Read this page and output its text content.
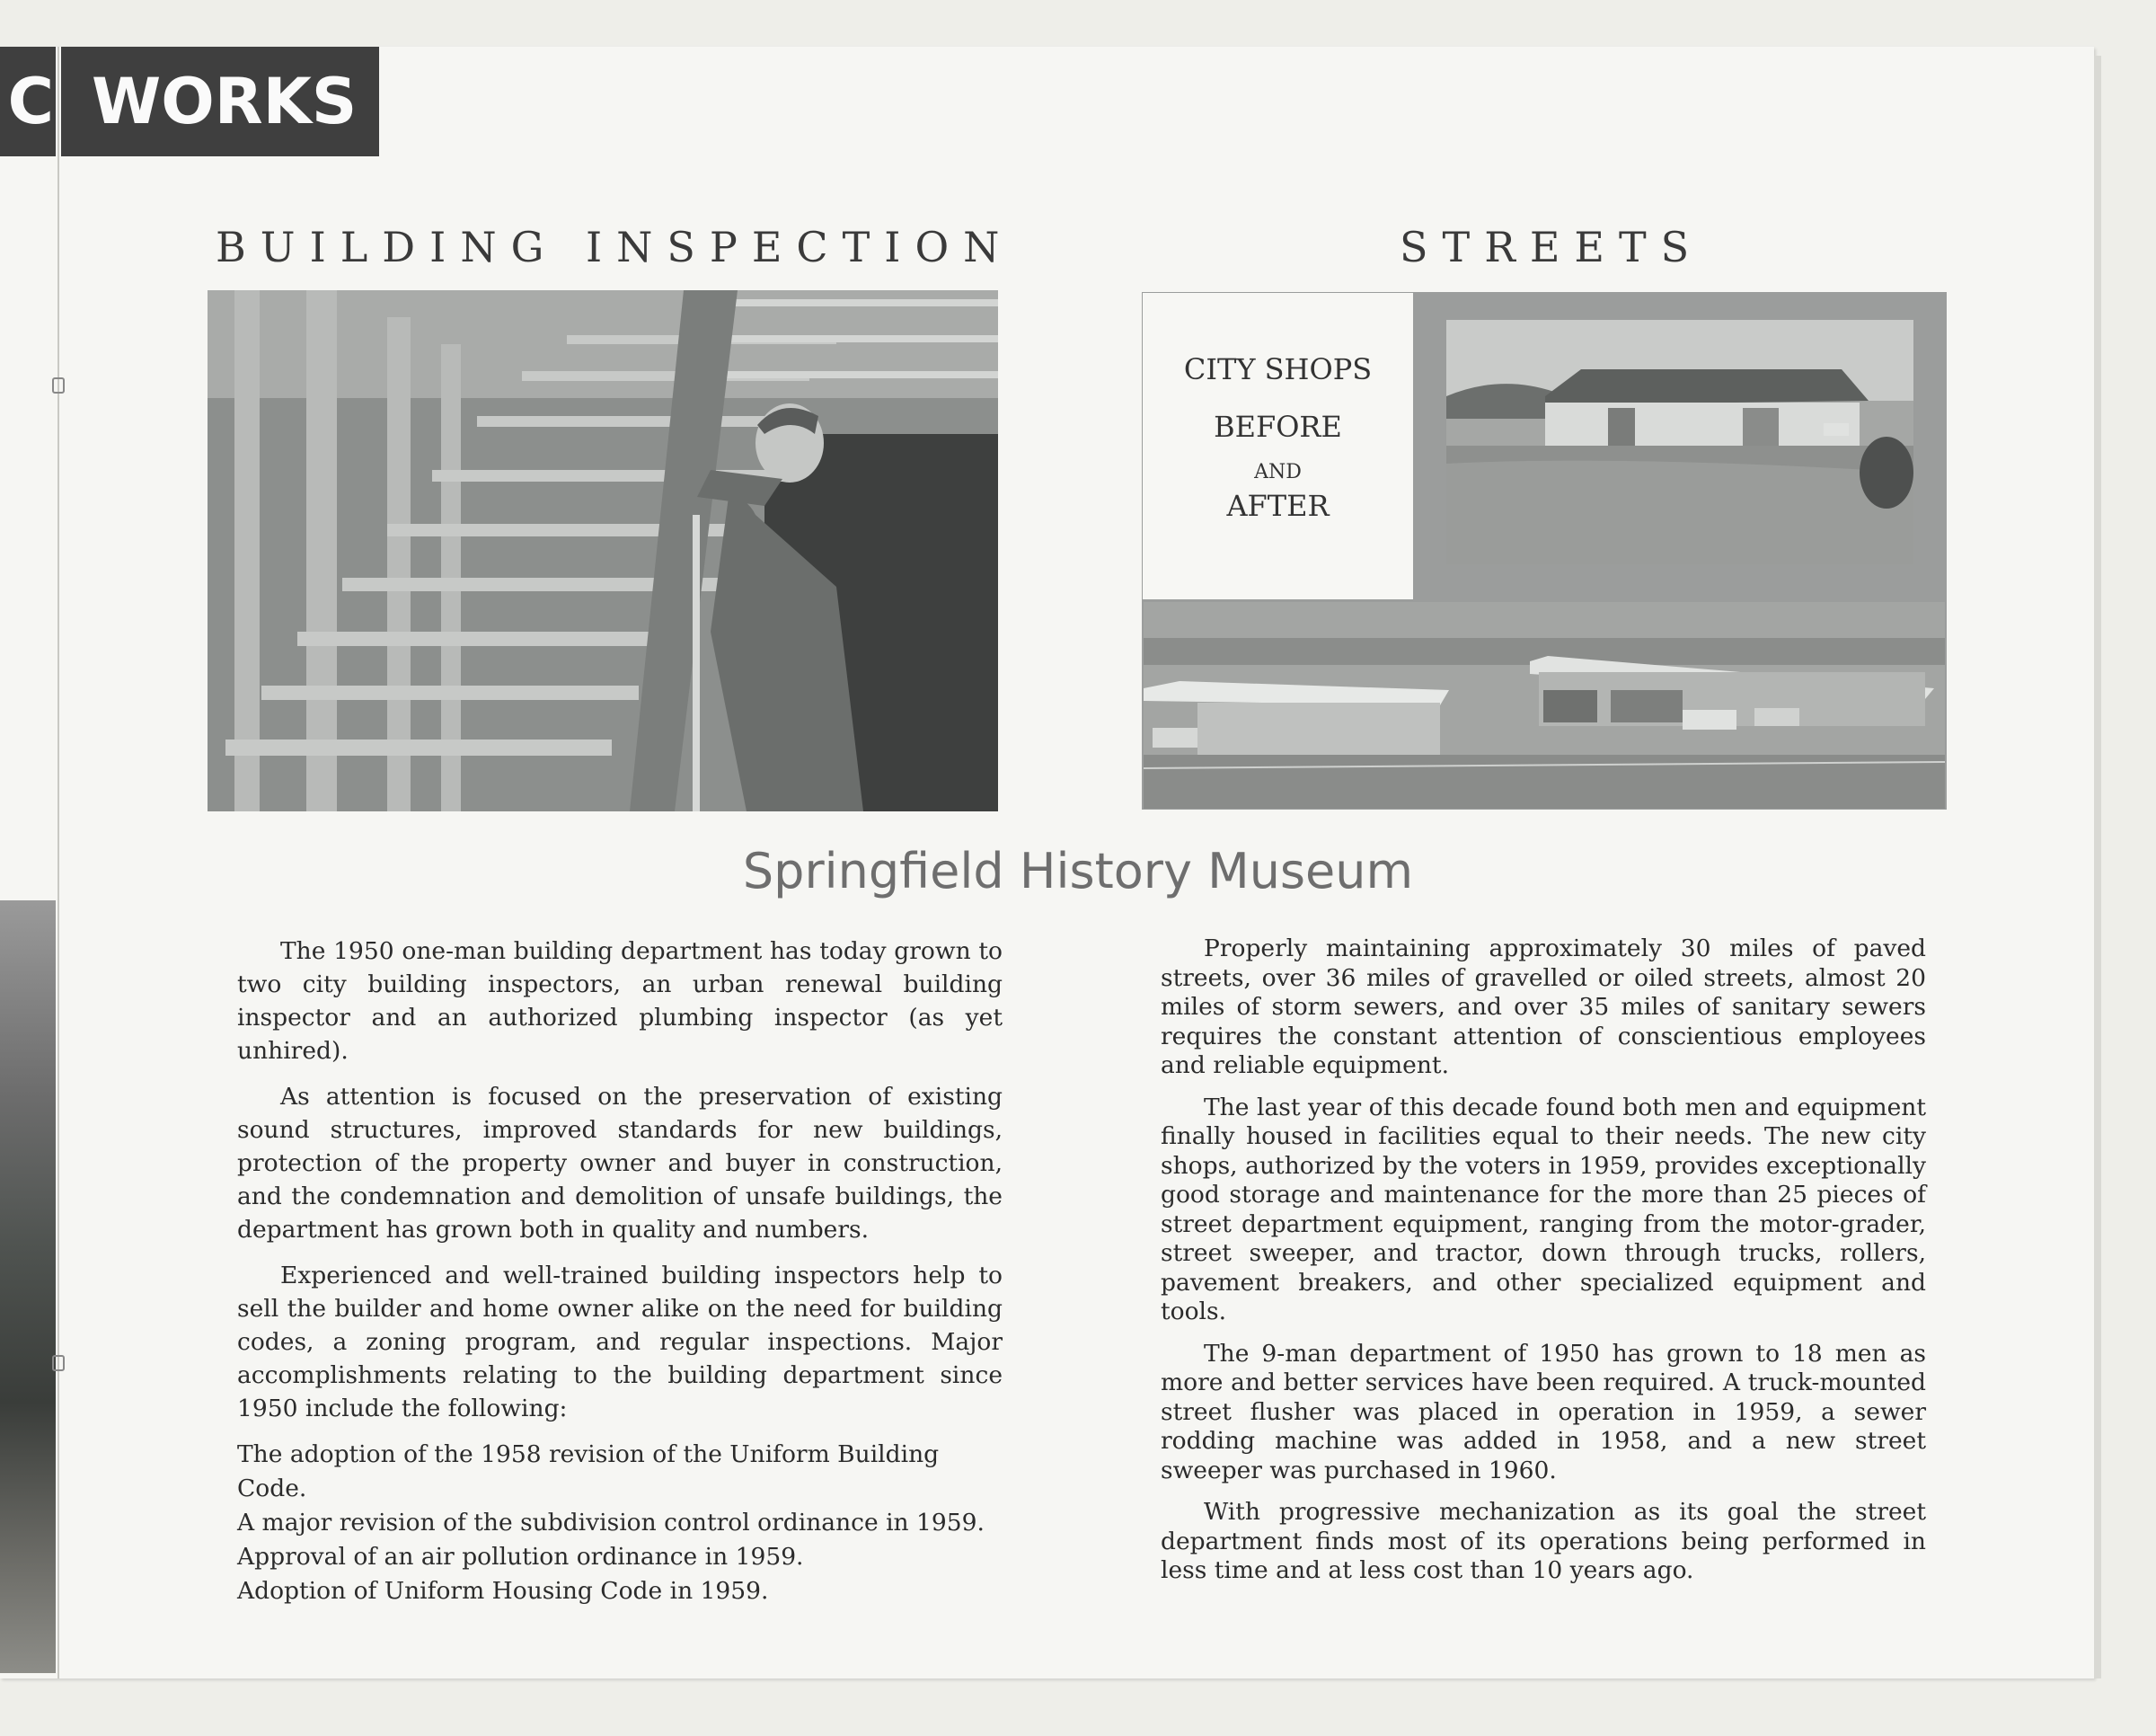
C WORKS
BUILDING INSPECTION	STREETS
CITY SHOPS
BEFORE
AND
AFTER
Springfield History Museum

The 1950 one-man building department has today grown to two city building inspectors, an urban renewal building inspector and an authorized plumbing inspector (as yet unhired).

As attention is focused on the preservation of existing sound structures, improved standards for new buildings, protection of the property owner and buyer in construction, and the condemnation and demolition of unsafe buildings, the department has grown both in quality and numbers.

Experienced and well-trained building inspectors help to sell the builder and home owner alike on the need for building codes, a zoning program, and regular inspections. Major accomplishments relating to the building department since 1950 include the following:

The adoption of the 1958 revision of the Uniform Building Code.
A major revision of the subdivision control ordinance in 1959.
Approval of an air pollution ordinance in 1959.
Adoption of Uniform Housing Code in 1959.

Properly maintaining approximately 30 miles of paved streets, over 36 miles of gravelled or oiled streets, almost 20 miles of storm sewers, and over 35 miles of sanitary sewers requires the constant attention of conscientious employees and reliable equipment.

The last year of this decade found both men and equipment finally housed in facilities equal to their needs. The new city shops, authorized by the voters in 1959, provides exceptionally good storage and maintenance for the more than 25 pieces of street department equipment, ranging from the motor-grader, street sweeper, and tractor, down through trucks, rollers, pavement breakers, and other specialized equipment and tools.

The 9-man department of 1950 has grown to 18 men as more and better services have been required. A truck-mounted street flusher was placed in operation in 1959, a sewer rodding machine was added in 1958, and a new street sweeper was purchased in 1960.

With progressive mechanization as its goal the street department finds most of its operations being performed in less time and at less cost than 10 years ago.
